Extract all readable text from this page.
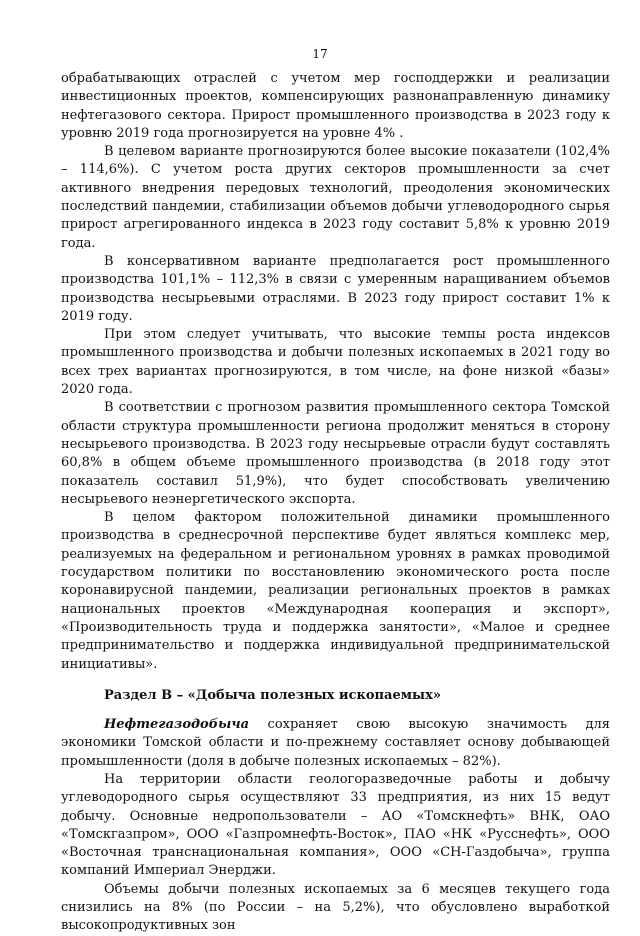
17

обрабатывающих отраслей с учетом мер господдержки и реализации инвестиционных проектов, компенсирующих разнонаправленную динамику нефтегазового сектора. Прирост промышленного производства в 2023 году к уровню 2019 года прогнозируется на уровне 4% .

В целевом варианте прогнозируются более высокие показатели (102,4% – 114,6%). С учетом роста других секторов промышленности за счет активного внедрения передовых технологий, преодоления экономических последствий пандемии, стабилизации объемов добычи углеводородного сырья прирост агрегированного индекса в 2023 году составит 5,8% к уровню 2019 года.

В консервативном варианте предполагается рост промышленного производства 101,1% – 112,3% в связи с умеренным наращиванием объемов производства несырьевыми отраслями. В 2023 году прирост составит 1% к 2019 году.

При этом следует учитывать, что высокие темпы роста индексов промышленного производства и добычи полезных ископаемых в 2021 году во всех трех вариантах прогнозируются, в том числе, на фоне низкой «базы» 2020 года.

В соответствии с прогнозом развития промышленного сектора Томской области структура промышленности региона продолжит меняться в сторону несырьевого производства. В 2023 году несырьевые отрасли будут составлять 60,8% в общем объеме промышленного производства (в 2018 году этот показатель составил 51,9%), что будет способствовать увеличению несырьевого неэнергетического экспорта.

В целом фактором положительной динамики промышленного производства в среднесрочной перспективе будет являться комплекс мер, реализуемых на федеральном и региональном уровнях в рамках проводимой государством политики по восстановлению экономического роста после коронавирусной пандемии, реализации региональных проектов в рамках национальных проектов «Международная кооперация и экспорт», «Производительность труда и поддержка занятости», «Малое и среднее предпринимательство и поддержка индивидуальной предпринимательской инициативы».

Раздел В – «Добыча полезных ископаемых»

Нефтегазодобыча сохраняет свою высокую значимость для экономики Томской области и по-прежнему составляет основу добывающей промышленности (доля в добыче полезных ископаемых – 82%).

На территории области геологоразведочные работы и добычу углеводородного сырья осуществляют 33 предприятия, из них 15 ведут добычу. Основные недропользователи – АО «Томскнефть» ВНК, ОАО «Томскгазпром», ООО «Газпромнефть-Восток», ПАО «НК «Русснефть», ООО «Восточная транснациональная компания», ООО «СН-Газдобыча», группа компаний Империал Энерджи.

Объемы добычи полезных ископаемых за 6 месяцев текущего года снизились на 8% (по России – на 5,2%), что обусловлено выработкой высокопродуктивных зон
